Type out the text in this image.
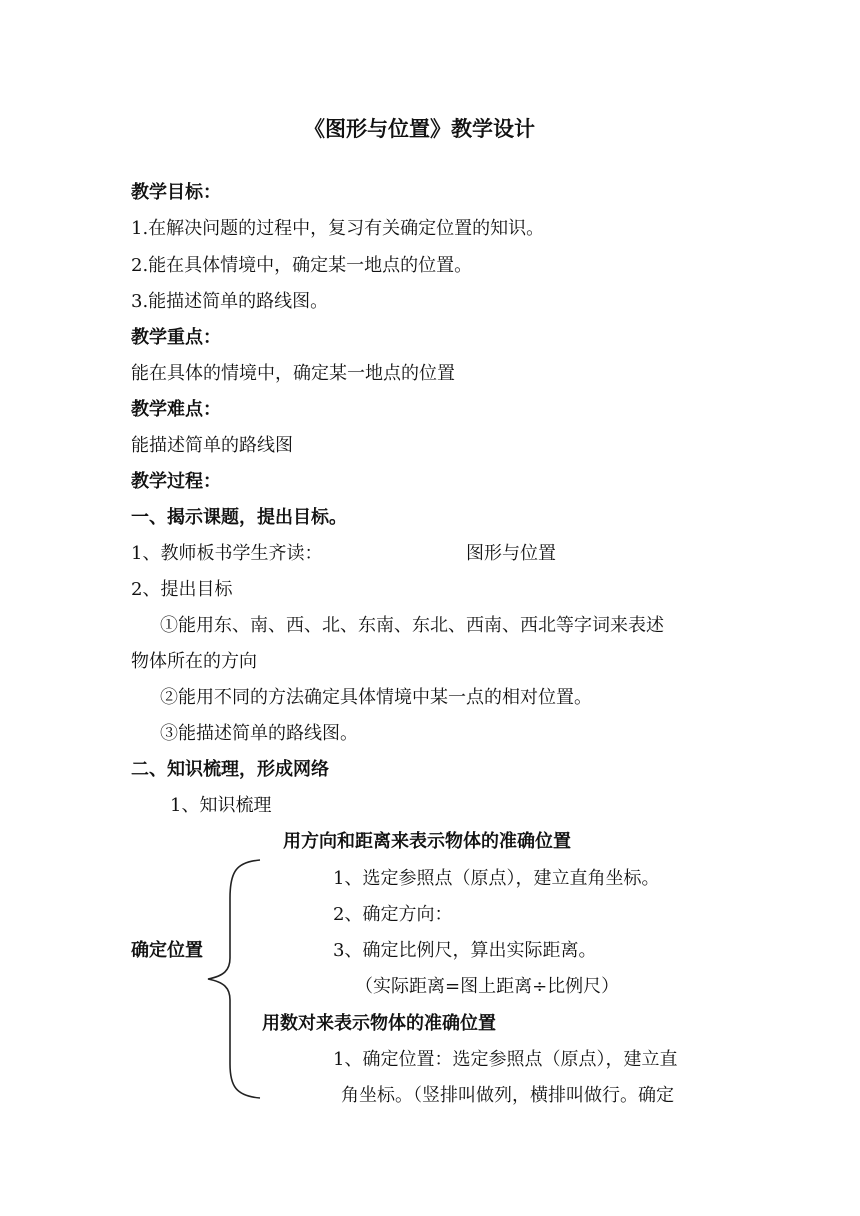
《图形与位置》教学设计
教学目标：
1.在解决问题的过程中，复习有关确定位置的知识。
2.能在具体情境中，确定某一地点的位置。
3.能描述简单的路线图。
教学重点：
能在具体的情境中，确定某一地点的位置
教学难点：
能描述简单的路线图
教学过程：
一、揭示课题，提出目标。
1、教师板书学生齐读：	图形与位置
2、提出目标
①能用东、南、西、北、东南、东北、西南、西北等字词来表述
物体所在的方向
②能用不同的方法确定具体情境中某一点的相对位置。
③能描述简单的路线图。
二、知识梳理，形成网络
1、知识梳理
用方向和距离来表示物体的准确位置
1、选定参照点（原点），建立直角坐标。
2、确定方向：
确定位置	3、确定比例尺，算出实际距离。
（实际距离=图上距离÷比例尺）
用数对来表示物体的准确位置
1、确定位置：选定参照点（原点），建立直
角坐标。（竖排叫做列，横排叫做行。确定
